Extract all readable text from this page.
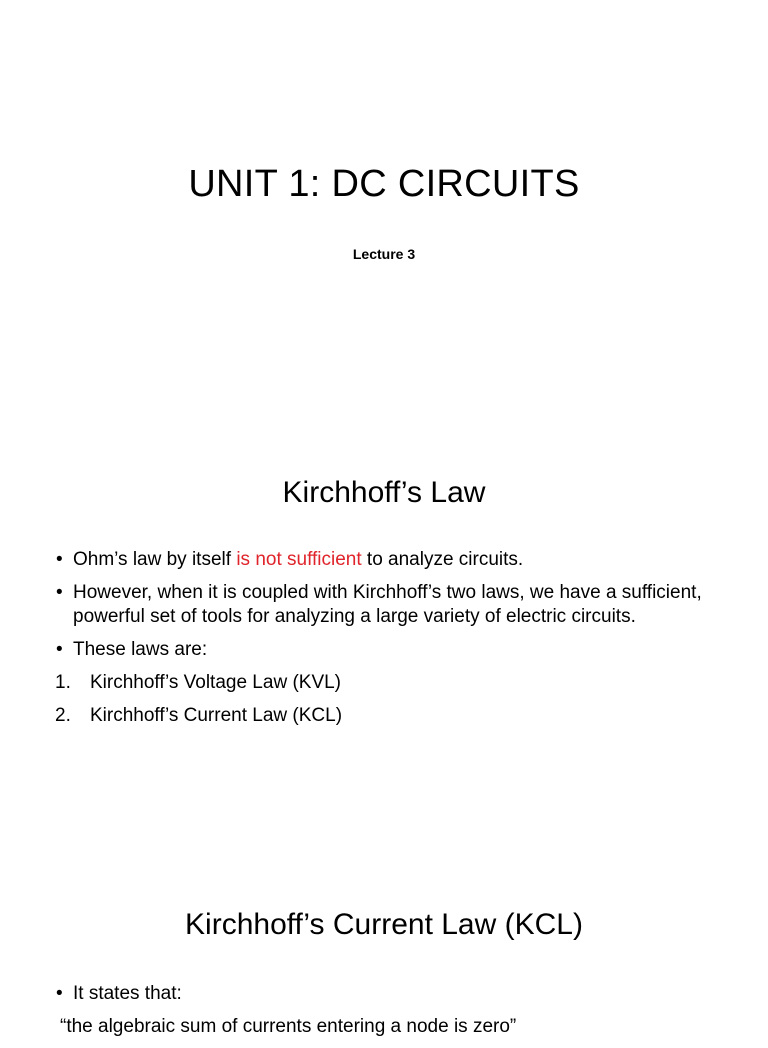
UNIT 1: DC CIRCUITS
Lecture 3
Kirchhoff’s Law
• Ohm’s law by itself is not sufficient to analyze circuits.
• However, when it is coupled with Kirchhoff’s two laws, we have a sufficient, powerful set of tools for analyzing a large variety of electric circuits.
• These laws are:
1. Kirchhoff’s Voltage Law (KVL)
2. Kirchhoff’s Current Law (KCL)
Kirchhoff’s Current Law (KCL)
• It states that:
“the algebraic sum of currents entering a node is zero”
